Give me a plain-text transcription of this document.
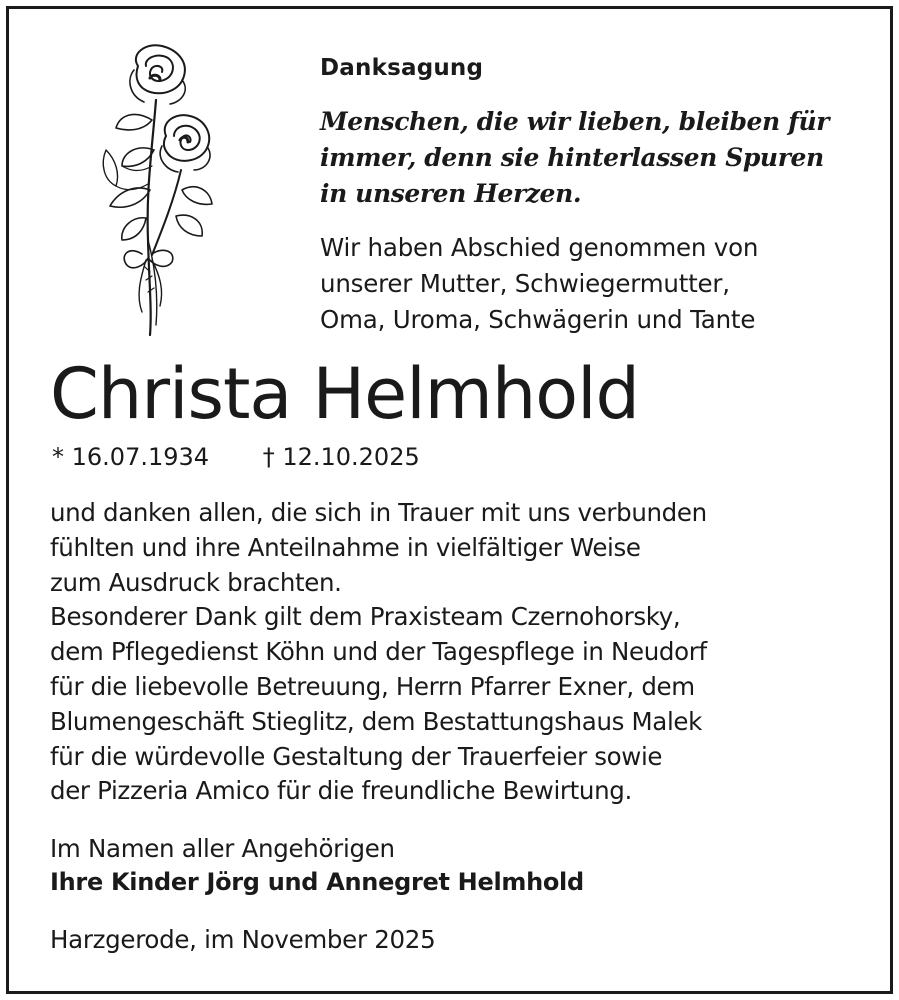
Danksagung
Menschen, die wir lieben, bleiben für
immer, denn sie hinterlassen Spuren
in unseren Herzen.
Wir haben Abschied genommen von
unserer Mutter, Schwiegermutter,
Oma, Uroma, Schwägerin und Tante
Christa Helmhold
* 16.07.1934 † 12.10.2025
und danken allen, die sich in Trauer mit uns verbunden
fühlten und ihre Anteilnahme in vielfältiger Weise
zum Ausdruck brachten.
Besonderer Dank gilt dem Praxisteam Czernohorsky,
dem Pflegedienst Köhn und der Tagespflege in Neudorf
für die liebevolle Betreuung, Herrn Pfarrer Exner, dem
Blumengeschäft Stieglitz, dem Bestattungshaus Malek
für die würdevolle Gestaltung der Trauerfeier sowie
der Pizzeria Amico für die freundliche Bewirtung.
Im Namen aller Angehörigen
Ihre Kinder Jörg und Annegret Helmhold
Harzgerode, im November 2025
